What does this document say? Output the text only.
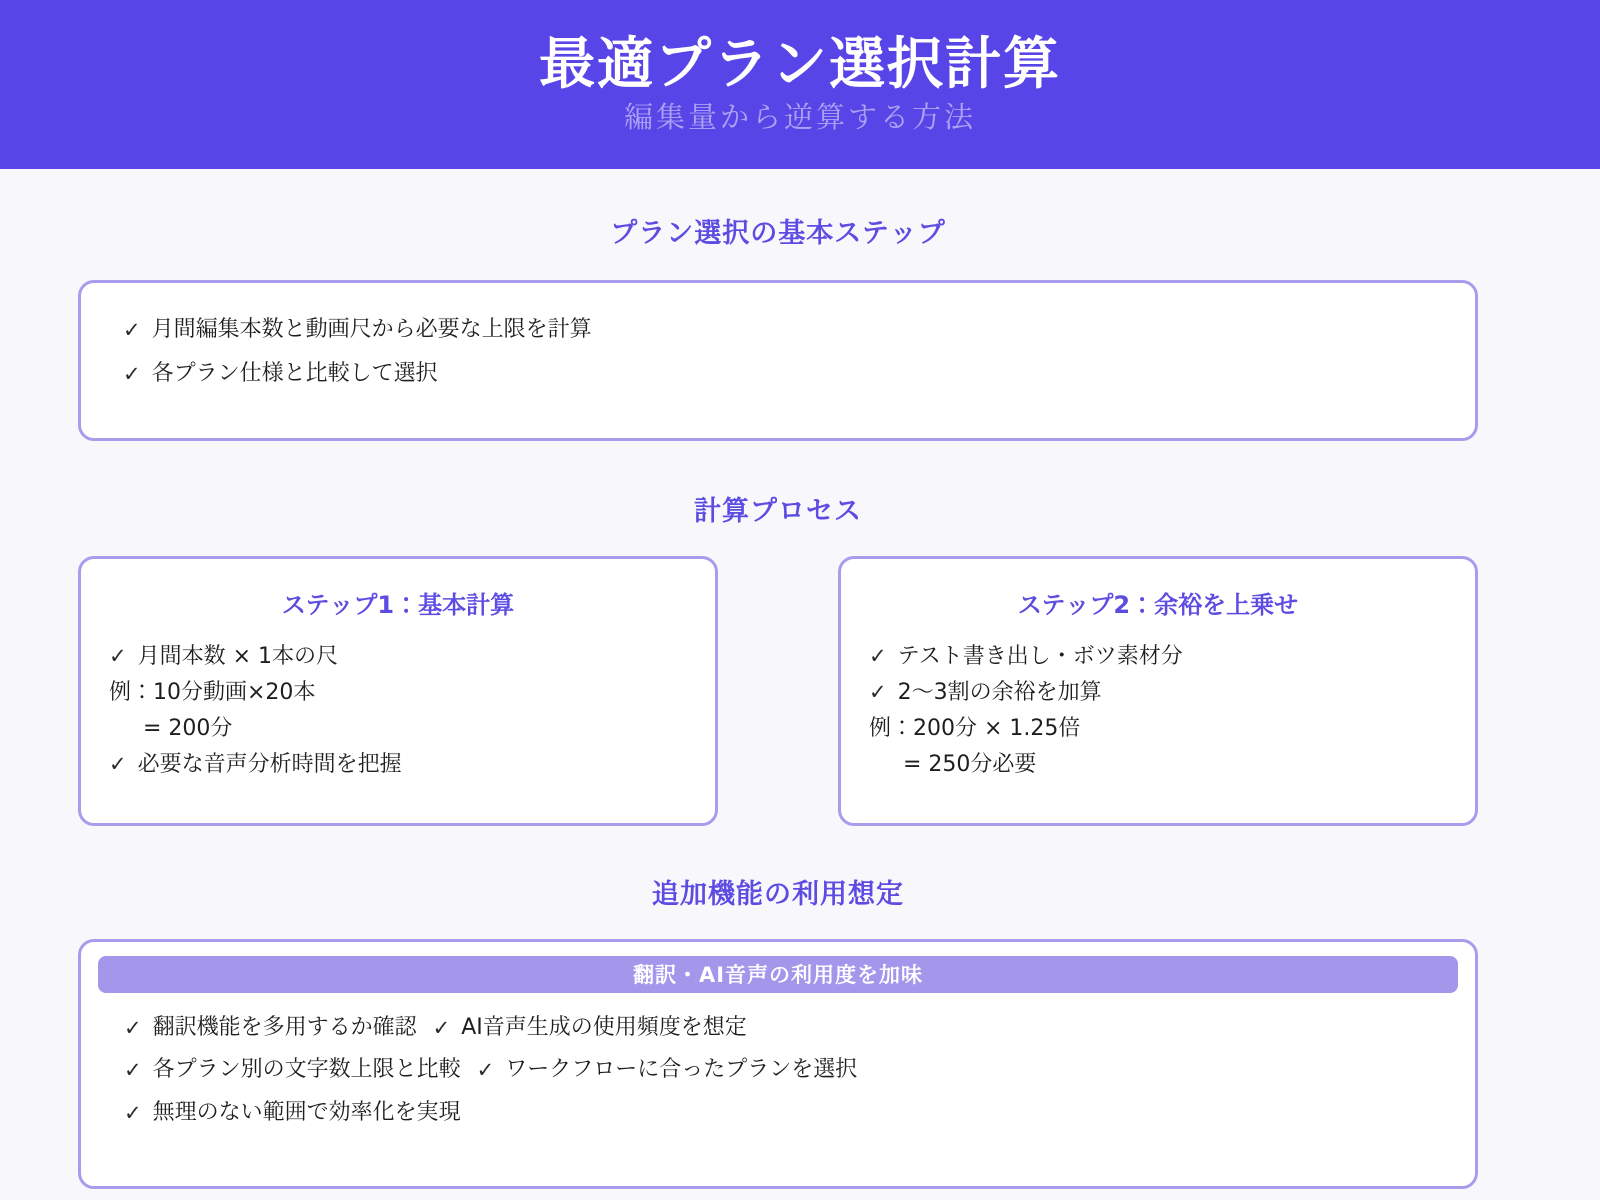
最適プラン選択計算
編集量から逆算する方法
プラン選択の基本ステップ
✓ 月間編集本数と動画尺から必要な上限を計算
✓ 各プラン仕様と比較して選択
計算プロセス
ステップ1：基本計算
✓ 月間本数 × 1本の尺
例：10分動画×20本
= 200分
✓ 必要な音声分析時間を把握
ステップ2：余裕を上乗せ
✓ テスト書き出し・ボツ素材分
✓ 2〜3割の余裕を加算
例：200分 × 1.25倍
= 250分必要
追加機能の利用想定
翻訳・AI音声の利用度を加味
✓ 翻訳機能を多用するか確認 ✓ AI音声生成の使用頻度を想定
✓ 各プラン別の文字数上限と比較 ✓ ワークフローに合ったプランを選択
✓ 無理のない範囲で効率化を実現
